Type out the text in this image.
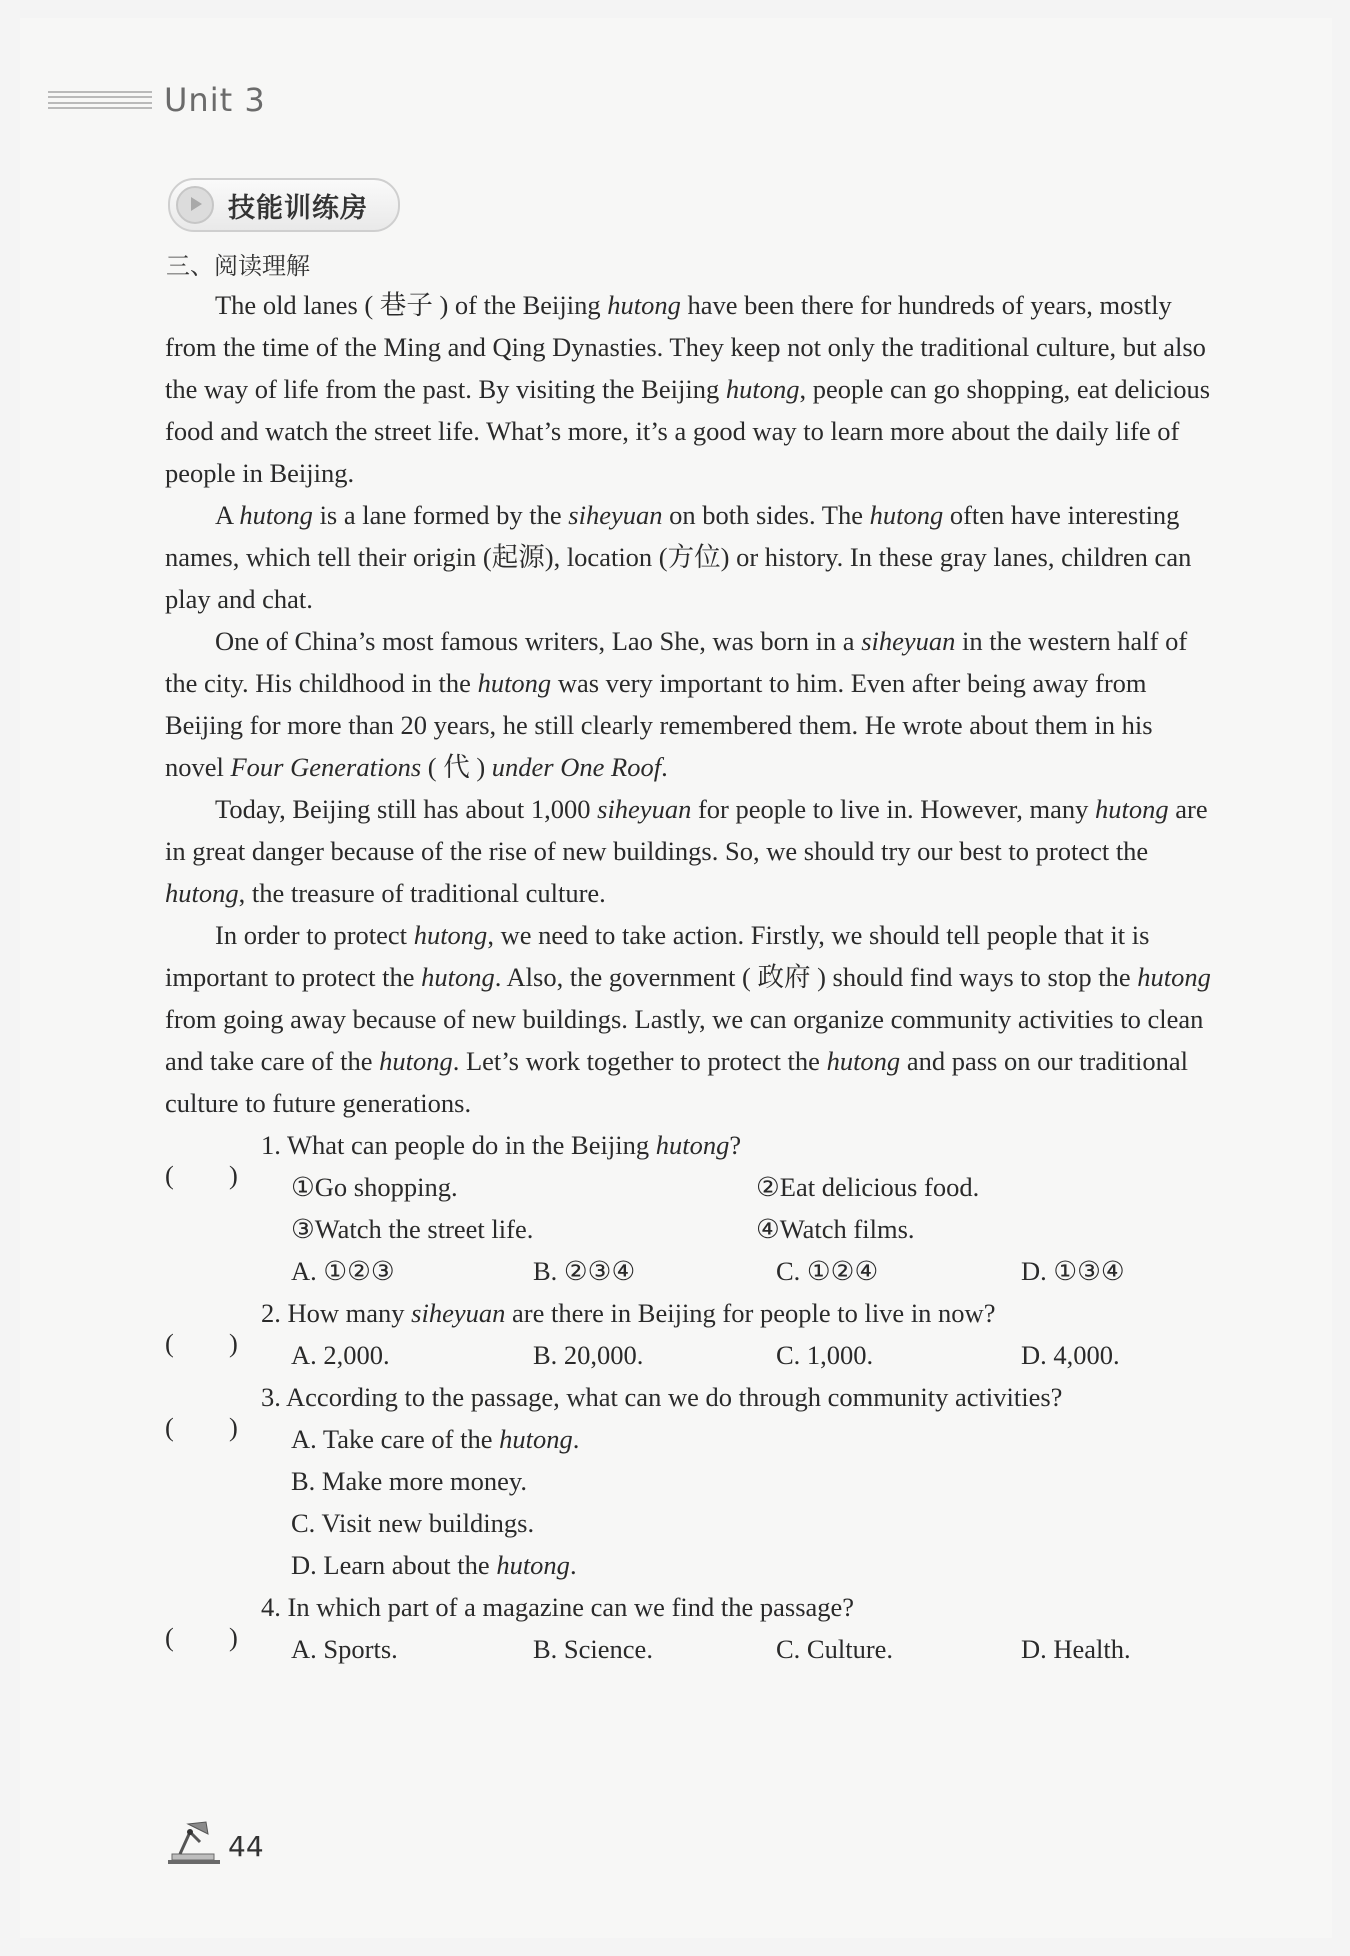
Unit 3
技能训练房
三、阅读理解

The old lanes ( 巷子 ) of the Beijing hutong have been there for hundreds of years, mostly from the time of the Ming and Qing Dynasties. They keep not only the traditional culture, but also the way of life from the past. By visiting the Beijing hutong, people can go shopping, eat delicious food and watch the street life. What’s more, it’s a good way to learn more about the daily life of people in Beijing.

A hutong is a lane formed by the siheyuan on both sides. The hutong often have interesting names, which tell their origin (起源), location (方位) or history. In these gray lanes, children can play and chat.

One of China’s most famous writers, Lao She, was born in a siheyuan in the western half of the city. His childhood in the hutong was very important to him. Even after being away from Beijing for more than 20 years, he still clearly remembered them. He wrote about them in his novel Four Generations ( 代 ) under One Roof.

Today, Beijing still has about 1,000 siheyuan for people to live in. However, many hutong are in great danger because of the rise of new buildings. So, we should try our best to protect the hutong, the treasure of traditional culture.

In order to protect hutong, we need to take action. Firstly, we should tell people that it is important to protect the hutong. Also, the government ( 政府 ) should find ways to stop the hutong from going away because of new buildings. Lastly, we can organize community activities to clean and take care of the hutong. Let’s work together to protect the hutong and pass on our traditional culture to future generations.

( )
1. What can people do in the Beijing hutong?
①Go shopping.	②Eat delicious food.
③Watch the street life.	④Watch films.
A. ①②③	B. ②③④	C. ①②④	D. ①③④
( )
2. How many siheyuan are there in Beijing for people to live in now?
A. 2,000.	B. 20,000.	C. 1,000.	D. 4,000.
( )
3. According to the passage, what can we do through community activities?
A. Take care of the hutong.
B. Make more money.
C. Visit new buildings.
D. Learn about the hutong.
( )
4. In which part of a magazine can we find the passage?
A. Sports.	B. Science.	C. Culture.	D. Health.
44
